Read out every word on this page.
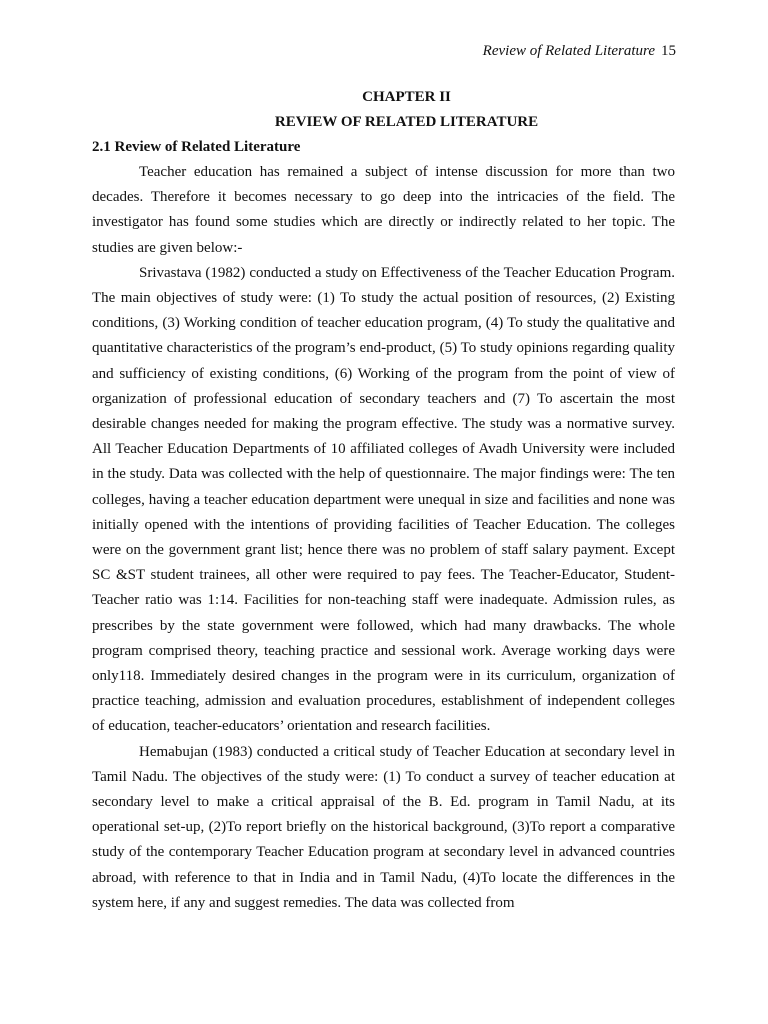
Review of Related Literature 15
CHAPTER II
REVIEW OF RELATED LITERATURE
2.1 Review of Related Literature

Teacher education has remained a subject of intense discussion for more than two decades. Therefore it becomes necessary to go deep into the intricacies of the field. The investigator has found some studies which are directly or indirectly related to her topic. The studies are given below:-

Srivastava (1982) conducted a study on Effectiveness of the Teacher Education Program. The main objectives of study were: (1) To study the actual position of resources, (2) Existing conditions, (3) Working condition of teacher education program, (4) To study the qualitative and quantitative characteristics of the program’s end-product, (5) To study opinions regarding quality and sufficiency of existing conditions, (6) Working of the program from the point of view of organization of professional education of secondary teachers and (7) To ascertain the most desirable changes needed for making the program effective. The study was a normative survey. All Teacher Education Departments of 10 affiliated colleges of Avadh University were included in the study. Data was collected with the help of questionnaire. The major findings were: The ten colleges, having a teacher education department were unequal in size and facilities and none was initially opened with the intentions of providing facilities of Teacher Education. The colleges were on the government grant list; hence there was no problem of staff salary payment. Except SC &ST student trainees, all other were required to pay fees. The Teacher-Educator, Student-Teacher ratio was 1:14. Facilities for non-teaching staff were inadequate. Admission rules, as prescribes by the state government were followed, which had many drawbacks. The whole program comprised theory, teaching practice and sessional work. Average working days were only118. Immediately desired changes in the program were in its curriculum, organization of practice teaching, admission and evaluation procedures, establishment of independent colleges of education, teacher-educators’ orientation and research facilities.

Hemabujan (1983) conducted a critical study of Teacher Education at secondary level in Tamil Nadu. The objectives of the study were: (1) To conduct a survey of teacher education at secondary level to make a critical appraisal of the B. Ed. program in Tamil Nadu, at its operational set-up, (2)To report briefly on the historical background, (3)To report a comparative study of the contemporary Teacher Education program at secondary level in advanced countries abroad, with reference to that in India and in Tamil Nadu, (4)To locate the differences in the system here, if any and suggest remedies. The data was collected from
